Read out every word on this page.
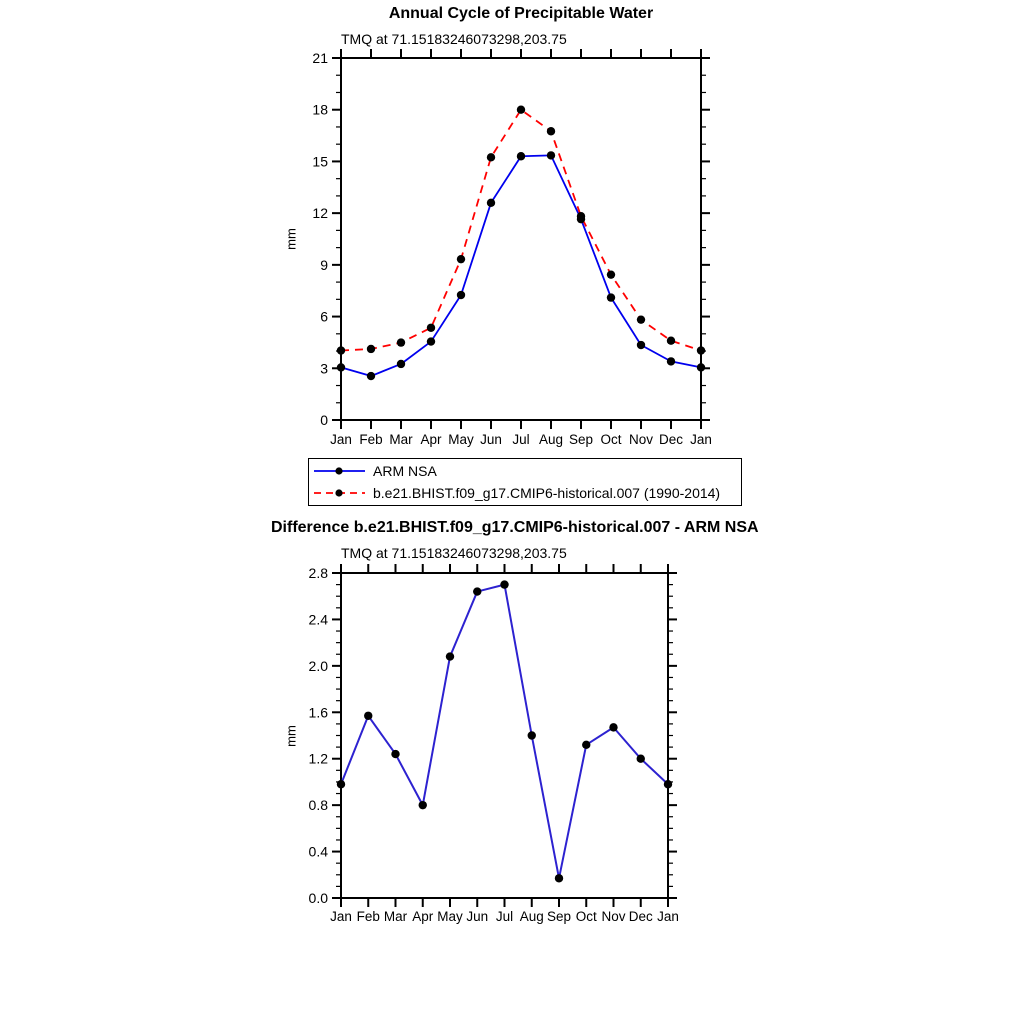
Jan Feb Mar Apr May Jun Jul Aug Sep Oct Nov Dec Jan
0
3
6
9
12
15
18
21
Jan Feb Mar Apr May Jun Jul Aug Sep Oct Nov Dec Jan
0.0
0.4
0.8
1.2
1.6
2.0
2.4
2.8
Annual Cycle of Precipitable Water
TMQ at 71.15183246073298,203.75
mm
ARM NSA
b.e21.BHIST.f09_g17.CMIP6-historical.007 (1990-2014)
Difference b.e21.BHIST.f09_g17.CMIP6-historical.007 - ARM NSA
TMQ at 71.15183246073298,203.75
mm
